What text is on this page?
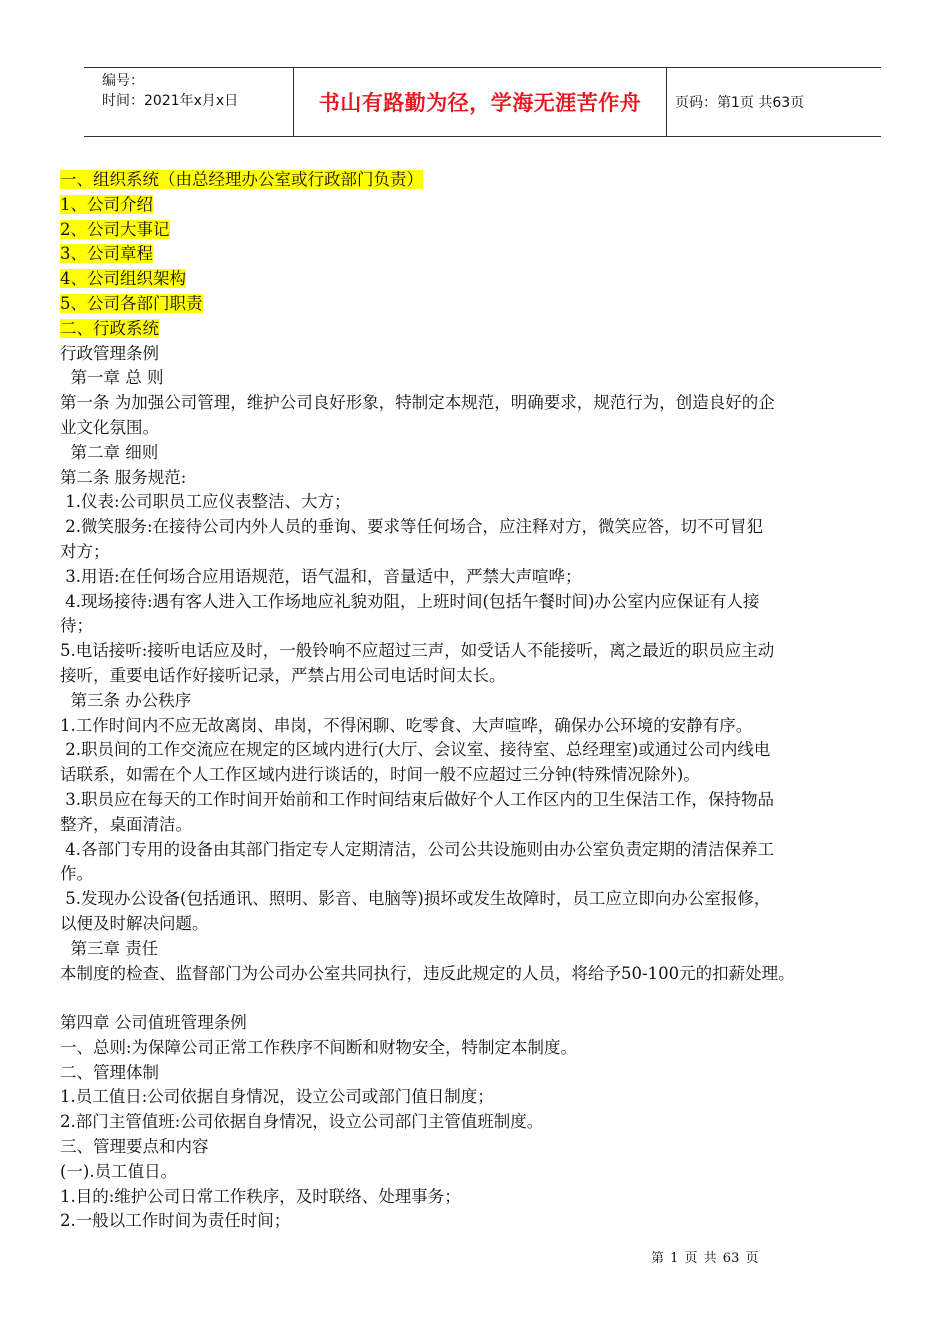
编号：
时间：2021年x月x日	书山有路勤为径，学海无涯苦作舟 页码：第1页 共63页
一、组织系统（由总经理办公室或行政部门负责）
1、公司介绍
2、公司大事记
3、公司章程
4、公司组织架构
5、公司各部门职责
二、行政系统
行政管理条例
第一章 总 则
第一条 为加强公司管理，维护公司良好形象，特制定本规范，明确要求，规范行为，创造良好的企
业文化氛围。
第二章 细则
第二条 服务规范:
1.仪表:公司职员工应仪表整洁、大方；
2.微笑服务:在接待公司内外人员的垂询、要求等任何场合，应注释对方，微笑应答，切不可冒犯
对方；
3.用语:在任何场合应用语规范，语气温和，音量适中，严禁大声喧哗；
4.现场接待:遇有客人进入工作场地应礼貌劝阻，上班时间(包括午餐时间)办公室内应保证有人接
待；
5.电话接听:接听电话应及时，一般铃响不应超过三声，如受话人不能接听，离之最近的职员应主动
接听，重要电话作好接听记录，严禁占用公司电话时间太长。
第三条 办公秩序
1.工作时间内不应无故离岗、串岗，不得闲聊、吃零食、大声喧哗，确保办公环境的安静有序。
2.职员间的工作交流应在规定的区域内进行(大厅、会议室、接待室、总经理室)或通过公司内线电
话联系，如需在个人工作区域内进行谈话的，时间一般不应超过三分钟(特殊情况除外)。
3.职员应在每天的工作时间开始前和工作时间结束后做好个人工作区内的卫生保洁工作，保持物品
整齐，桌面清洁。
4.各部门专用的设备由其部门指定专人定期清洁，公司公共设施则由办公室负责定期的清洁保养工
作。
5.发现办公设备(包括通讯、照明、影音、电脑等)损坏或发生故障时，员工应立即向办公室报修，
以便及时解决问题。
第三章 责任
本制度的检查、监督部门为公司办公室共同执行，违反此规定的人员，将给予50-100元的扣薪处理。
第四章 公司值班管理条例
一、总则:为保障公司正常工作秩序不间断和财物安全，特制定本制度。
二、管理体制
1.员工值日:公司依据自身情况，设立公司或部门值日制度；
2.部门主管值班:公司依据自身情况，设立公司部门主管值班制度。
三、管理要点和内容
(一).员工值日。
1.目的:维护公司日常工作秩序，及时联络、处理事务；
2.一般以工作时间为责任时间；
第 1 页 共 63 页
